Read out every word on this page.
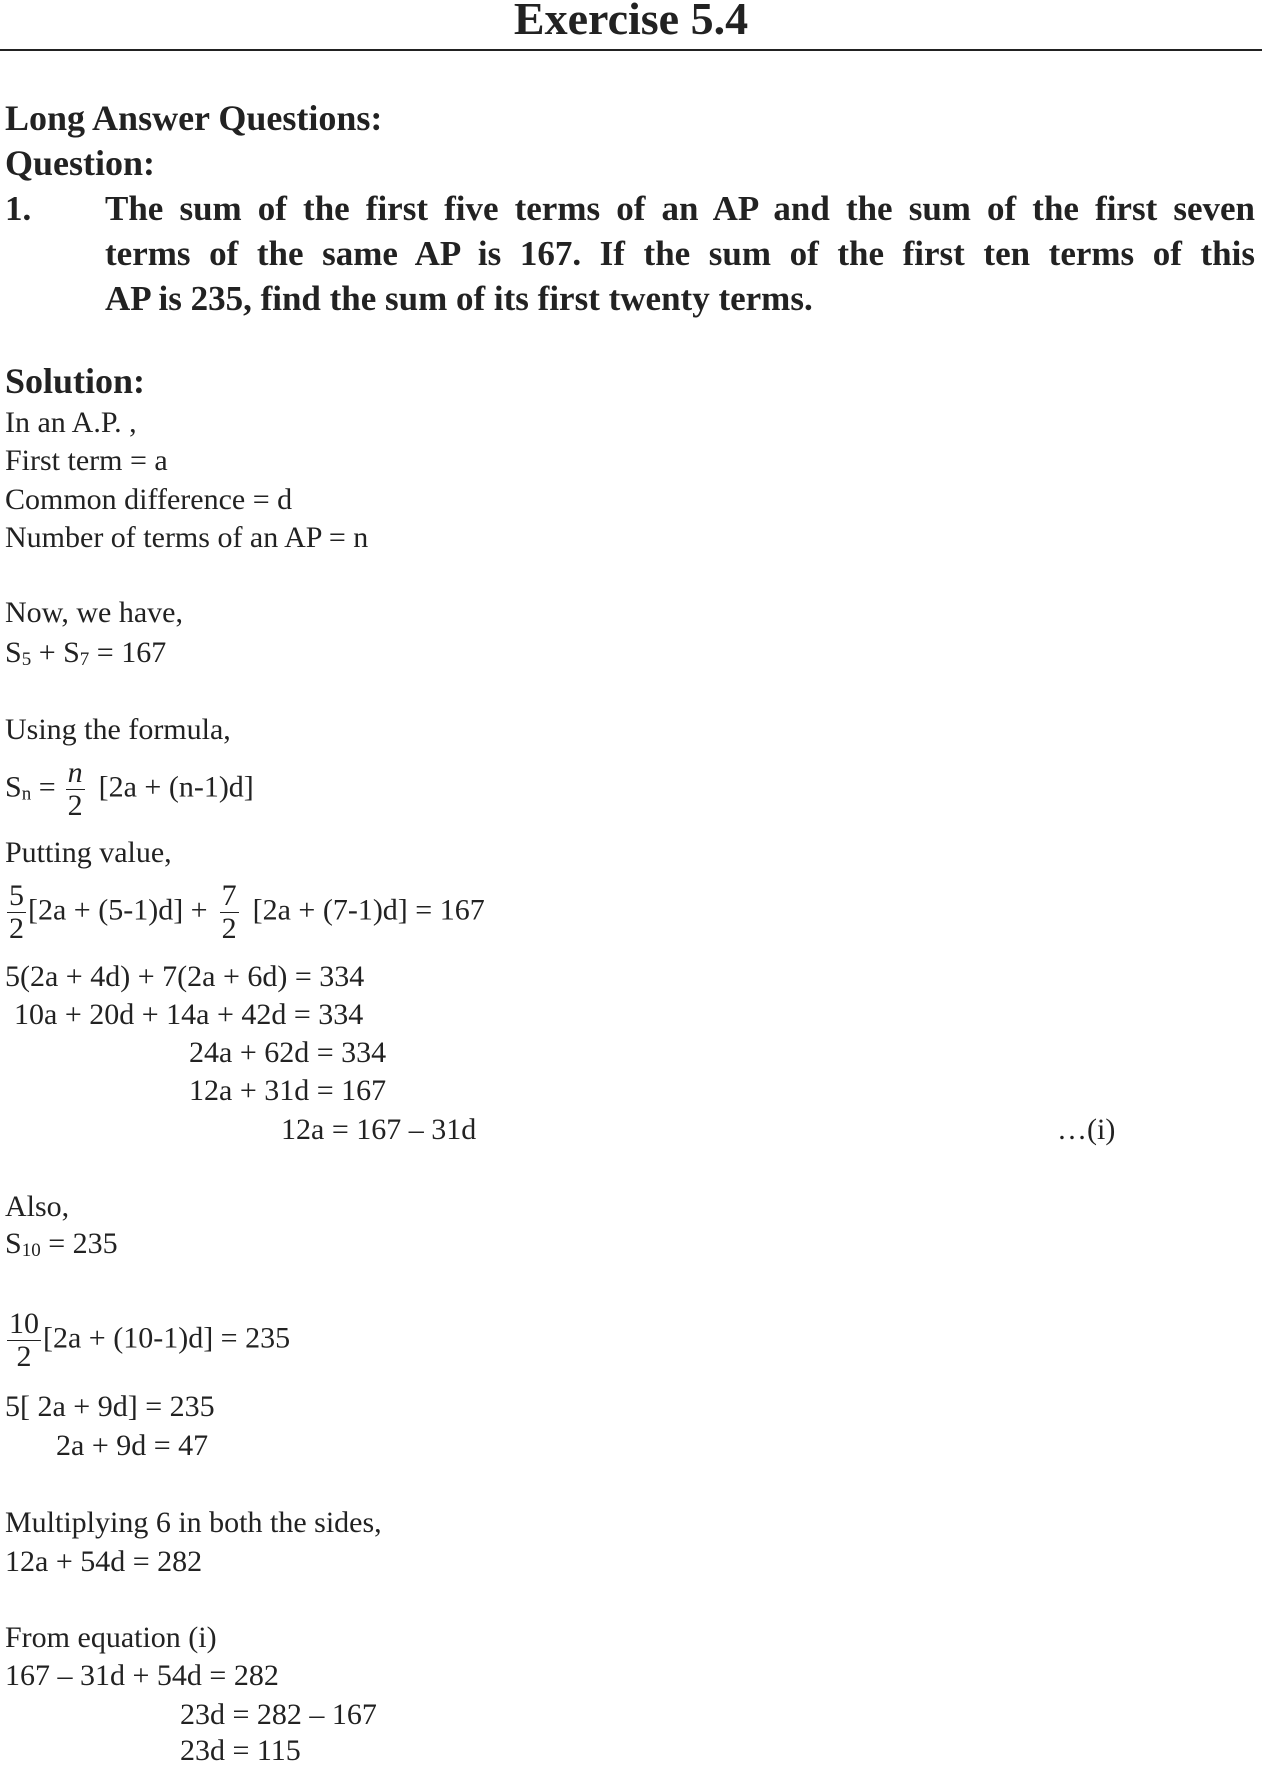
Exercise 5.4
Long Answer Questions:
Question:
1. The sum of the first five terms of an AP and the sum of the first seven
terms of the same AP is 167. If the sum of the first ten terms of this
AP is 235, find the sum of its first twenty terms.
Solution:
In an A.P. ,
First term = a
Common difference = d
Number of terms of an AP = n
Now, we have,
$S_5 + S_7 = 167$
Using the formula,
$S_n = \frac{n}{2} [2a + (n-1)d]$
Putting value,
$\frac{5}{2} [2a + (5-1)d] + \frac{7}{2} [2a + (7-1)d] = 167$
5(2a + 4d) + 7(2a + 6d) = 334
10a + 20d + 14a + 42d = 334
24a + 62d = 334
12a + 31d = 167
12a = 167 – 31d	…(i)
Also,
$S_{10} = 235$
$\frac{10}{2} [2a + (10-1)d] = 235$
5[ 2a + 9d] = 235
2a + 9d = 47
Multiplying 6 in both the sides,
12a + 54d = 282
From equation (i)
167 – 31d + 54d = 282
23d = 282 – 167
23d = 115
